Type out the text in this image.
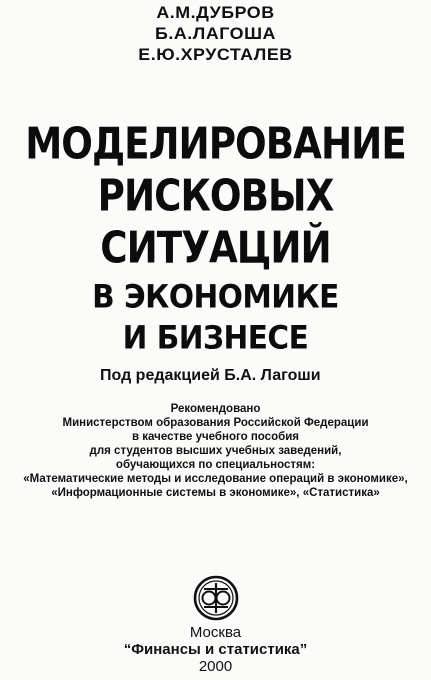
А.М.ДУБРОВ
Б.А.ЛАГОША
Е.Ю.ХРУСТАЛЕВ
МОДЕЛИРОВАНИЕ
РИСКОВЫХ
СИТУАЦИЙ
В ЭКОНОМИКЕ
И БИЗНЕСЕ
Под редакцией Б.А. Лагоши
Рекомендовано
Министерством образования Российской Федерации
в качестве учебного пособия
для студентов высших учебных заведений,
обучающихся по специальностям:
«Математические методы и исследование операций в экономике»,
«Информационные системы в экономике», «Статистика»
Москва
“Финансы и статистика”
2000
